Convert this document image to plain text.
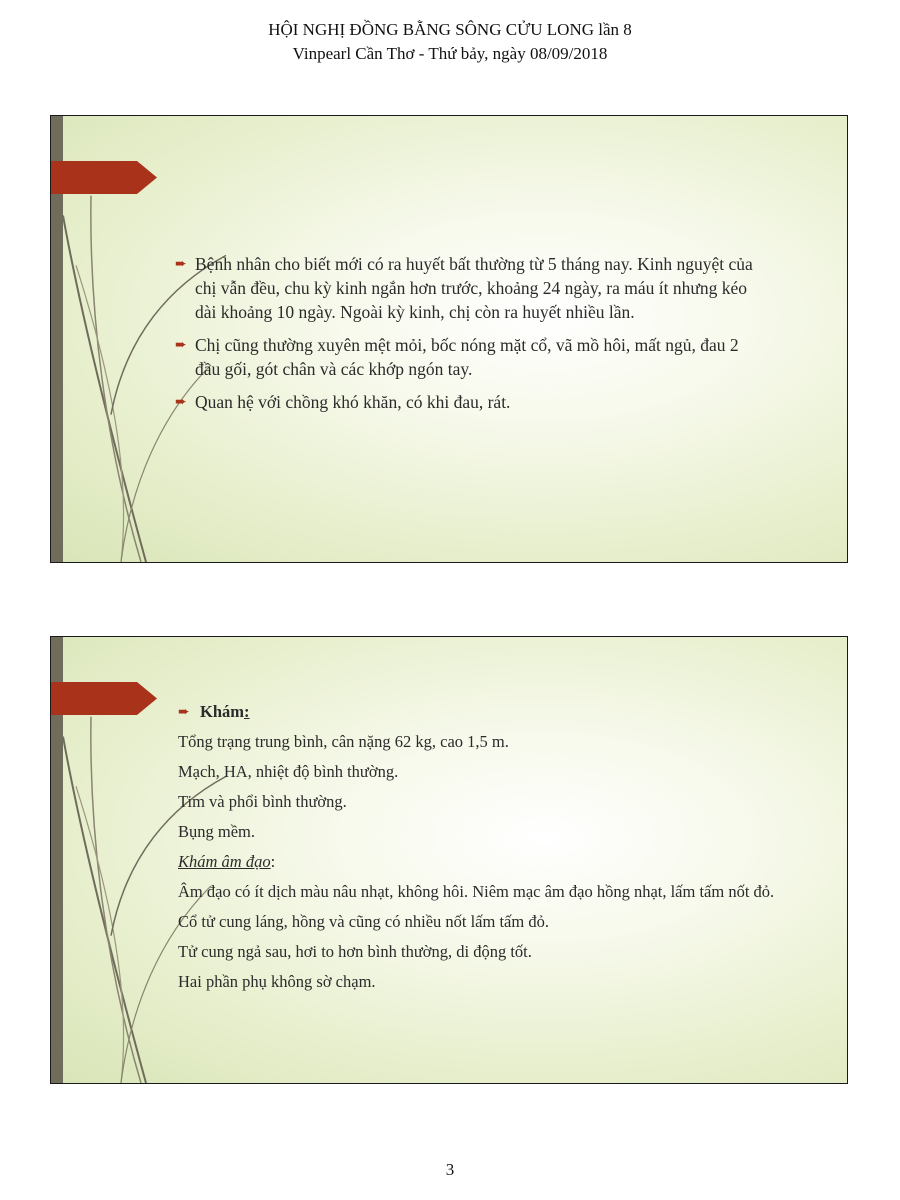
HỘI NGHỊ ĐỒNG BẰNG SÔNG CỬU LONG lần 8
Vinpearl Cần Thơ - Thứ bảy, ngày 08/09/2018
➨ Bệnh nhân cho biết mới có ra huyết bất thường từ 5 tháng nay. Kinh nguyệt của chị vẫn đều, chu kỳ kinh ngắn hơn trước, khoảng 24 ngày, ra máu ít nhưng kéo dài khoảng 10 ngày. Ngoài kỳ kinh, chị còn ra huyết nhiều lần.
➨ Chị cũng thường xuyên mệt mỏi, bốc nóng mặt cổ, vã mồ hôi, mất ngủ, đau 2 đầu gối, gót chân và các khớp ngón tay.
➨ Quan hệ với chồng khó khăn, có khi đau, rát.
➨ Khám:
Tổng trạng trung bình, cân nặng 62 kg, cao 1,5 m.
Mạch, HA, nhiệt độ bình thường.
Tim và phổi bình thường.
Bụng mềm.
Khám âm đạo:
Âm đạo có ít dịch màu nâu nhạt, không hôi. Niêm mạc âm đạo hồng nhạt, lấm tấm nốt đỏ.
Cổ tử cung láng, hồng và cũng có nhiều nốt lấm tấm đỏ.
Tử cung ngả sau, hơi to hơn bình thường, di động tốt.
Hai phần phụ không sờ chạm.
3
